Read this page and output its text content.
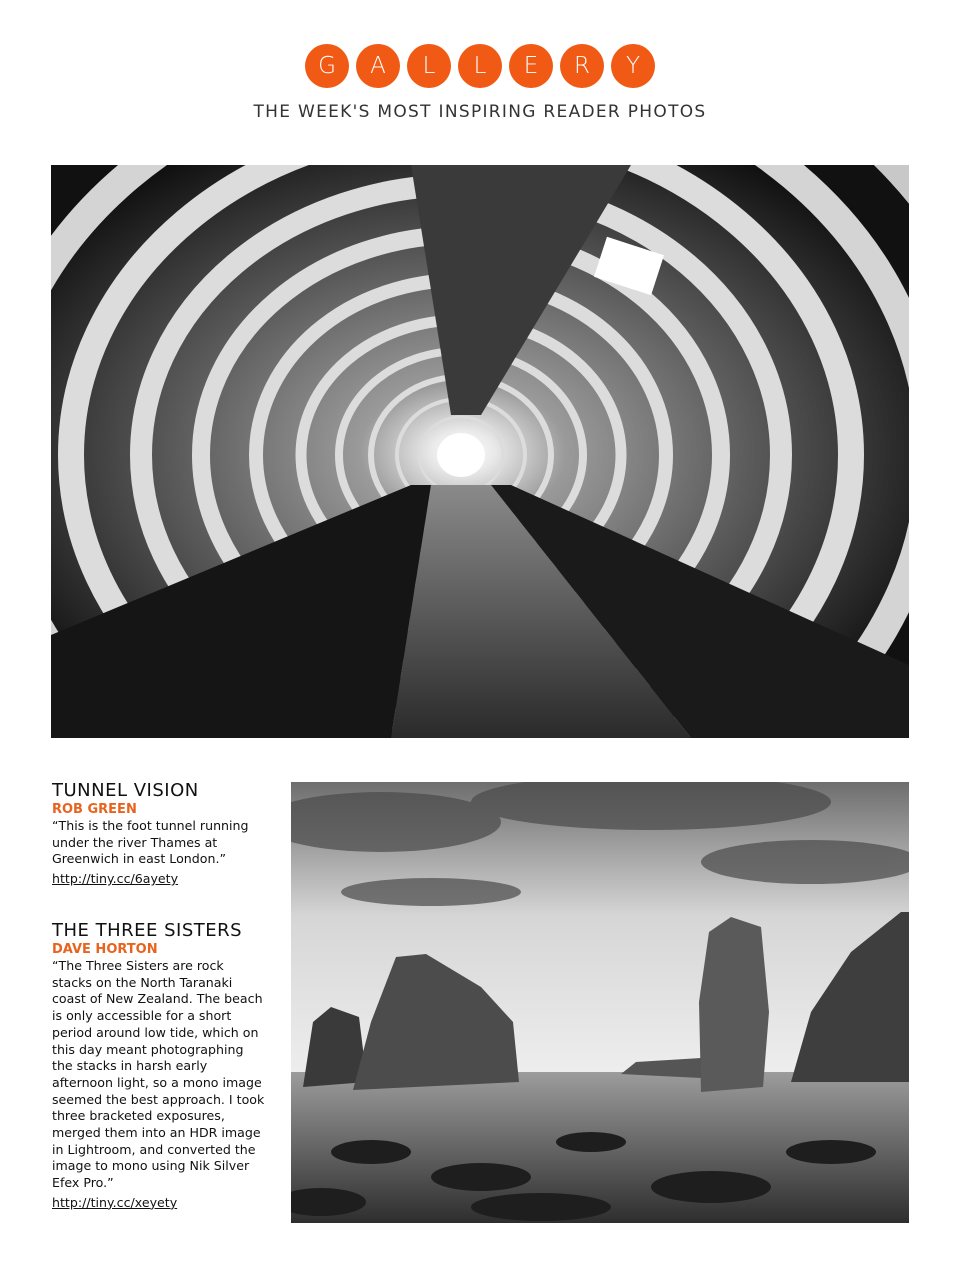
G	A	L	L	E	R	Y
THE WEEK'S MOST INSPIRING READER PHOTOS
TUNNEL VISION
ROB GREEN
“This is the foot tunnel running under the river Thames at Greenwich in east London.”
http://tiny.cc/6ayety
THE THREE SISTERS
DAVE HORTON
“The Three Sisters are rock stacks on the North Taranaki coast of New Zealand. The beach is only accessible for a short period around low tide, which on this day meant photographing the stacks in harsh early afternoon light, so a mono image seemed the best approach. I took three bracketed exposures, merged them into an HDR image in Lightroom, and converted the image to mono using Nik Silver Efex Pro.”
http://tiny.cc/xeyety
